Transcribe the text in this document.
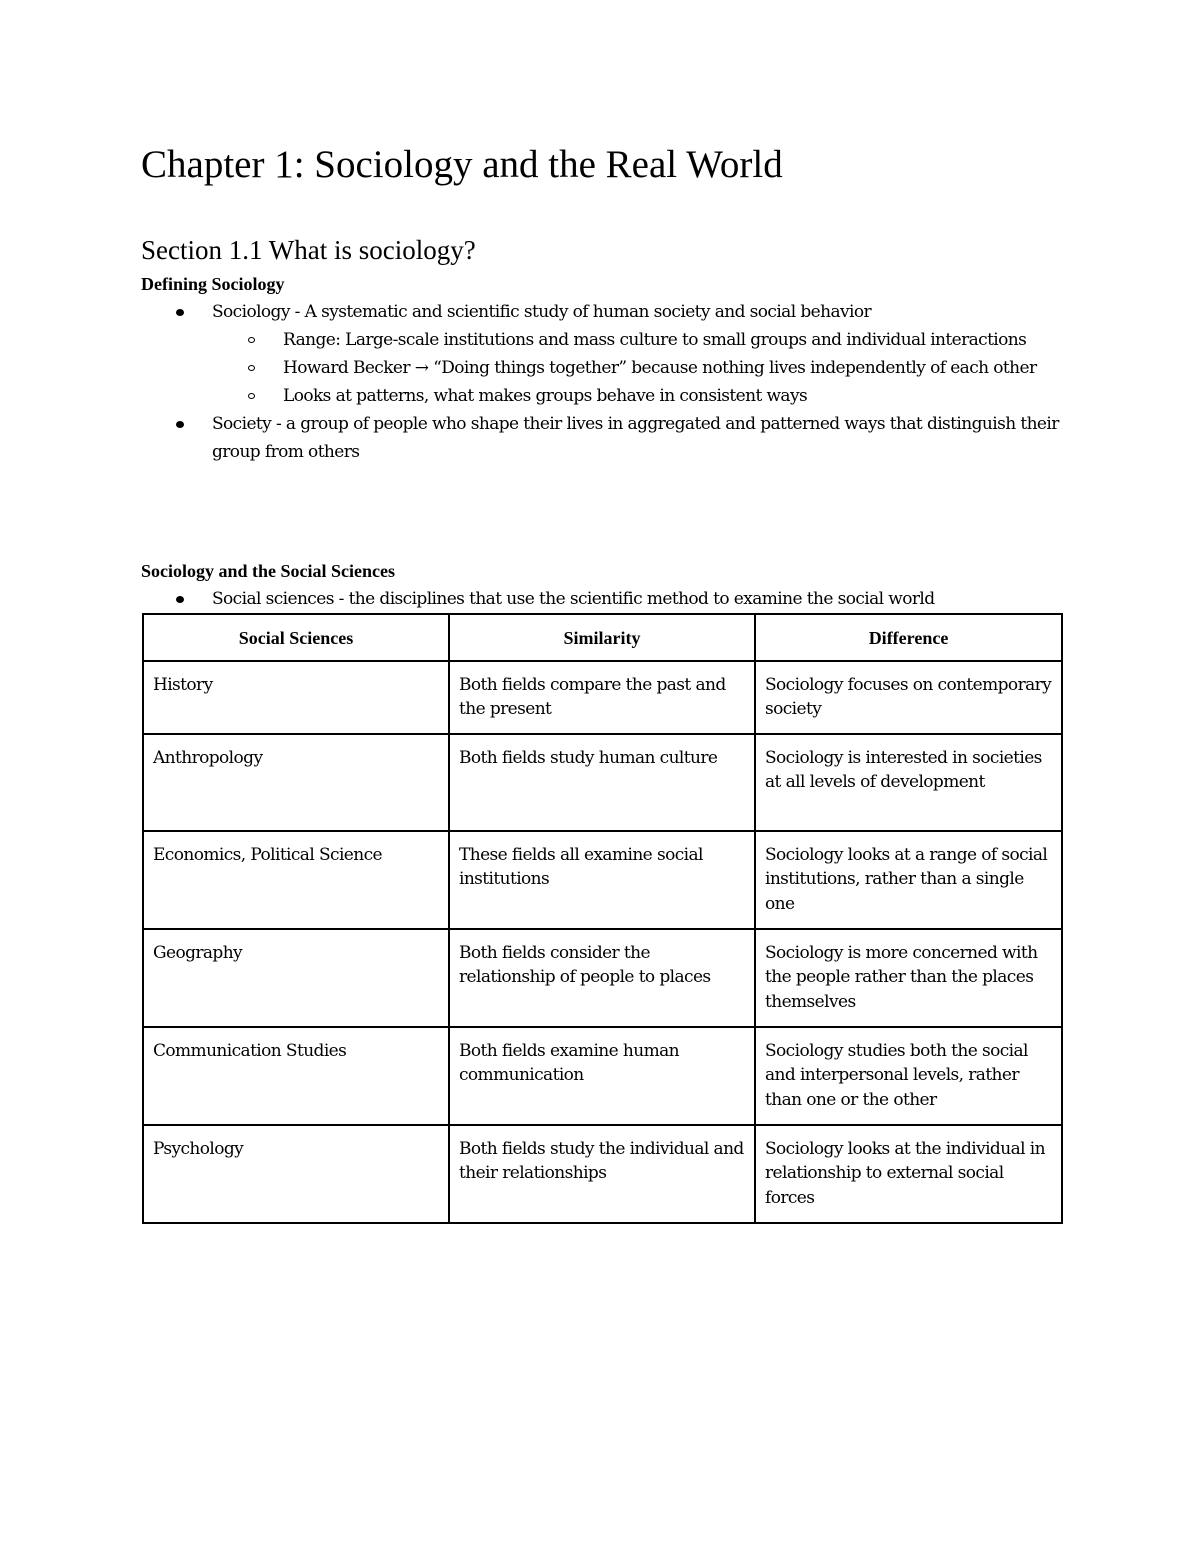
Chapter 1: Sociology and the Real World
Section 1.1 What is sociology?
Defining Sociology
Sociology - A systematic and scientific study of human society and social behavior
Range: Large-scale institutions and mass culture to small groups and individual interactions
Howard Becker → “Doing things together” because nothing lives independently of each other
Looks at patterns, what makes groups behave in consistent ways
Society - a group of people who shape their lives in aggregated and patterned ways that distinguish their group from others
Sociology and the Social Sciences
Social sciences - the disciplines that use the scientific method to examine the social world
Social Sciences	Similarity	Difference
History	Both fields compare the past and the present	Sociology focuses on contemporary society
Anthropology	Both fields study human culture	Sociology is interested in societies at all levels of development
Economics, Political Science	These fields all examine social institutions	Sociology looks at a range of social institutions, rather than a single one
Geography	Both fields consider the relationship of people to places	Sociology is more concerned with the people rather than the places themselves
Communication Studies	Both fields examine human communication	Sociology studies both the social and interpersonal levels, rather than one or the other
Psychology	Both fields study the individual and their relationships	Sociology looks at the individual in relationship to external social forces
